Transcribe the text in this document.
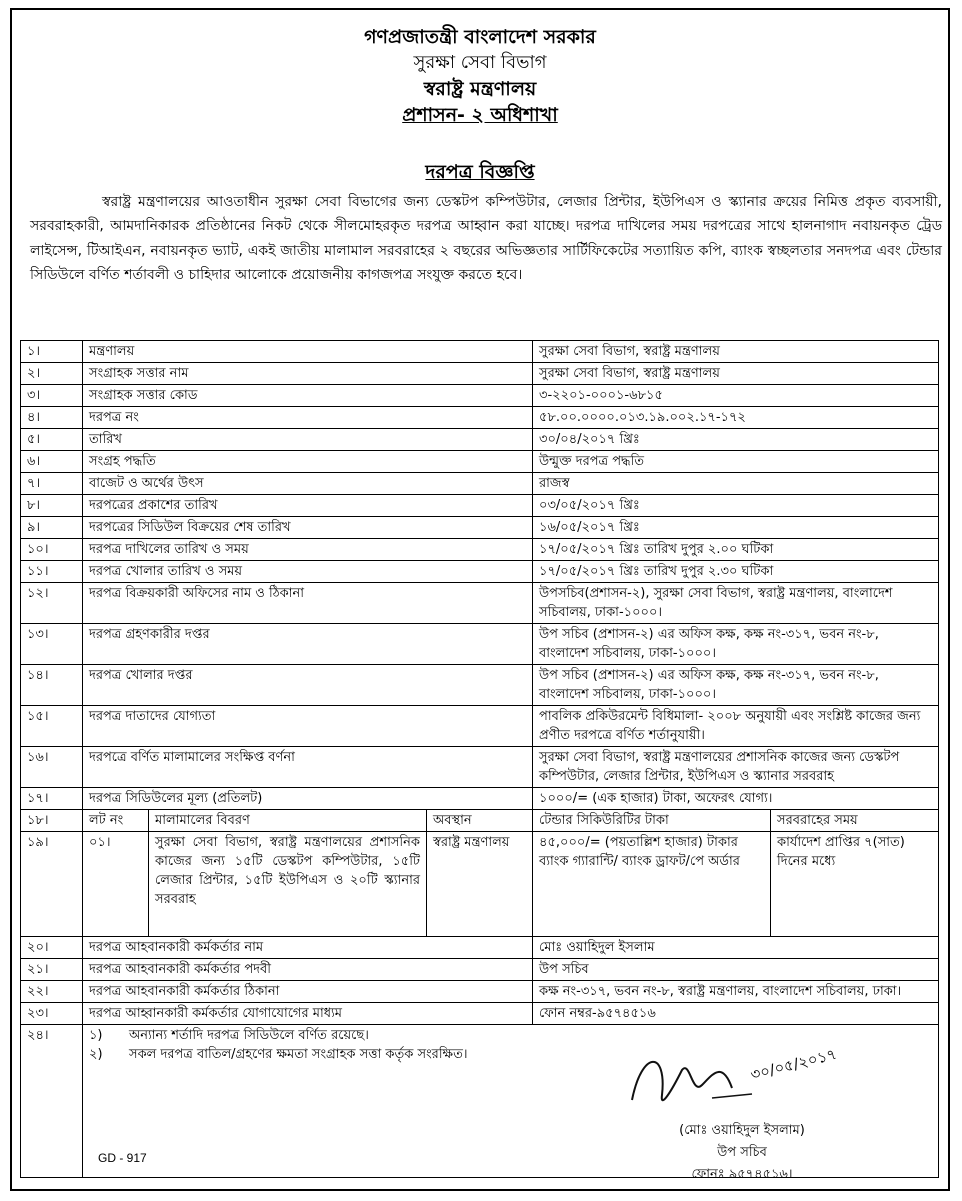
গণপ্রজাতন্ত্রী বাংলাদেশ সরকার
সুরক্ষা সেবা বিভাগ
স্বরাষ্ট্র মন্ত্রণালয়
প্রশাসন- ২ অধিশাখা
দরপত্র বিজ্ঞপ্তি
স্বরাষ্ট্র মন্ত্রণালয়ের আওতাধীন সুরক্ষা সেবা বিভাগের জন্য ডেস্কটপ কম্পিউটার, লেজার প্রিন্টার, ইউপিএস ও স্ক্যানার ক্রয়ের নিমিত্ত প্রকৃত ব্যবসায়ী, সরবরাহকারী, আমদানিকারক প্রতিষ্ঠানের নিকট থেকে সীলমোহরকৃত দরপত্র আহ্বান করা যাচ্ছে। দরপত্র দাখিলের সময় দরপত্রের সাথে হালনাগাদ নবায়নকৃত ট্রেড লাইসেন্স, টিআইএন, নবায়নকৃত ভ্যাট, একই জাতীয় মালামাল সরবরাহের ২ বছরের অভিজ্ঞতার সার্টিফিকেটের সত্যায়িত কপি, ব্যাংক স্বচ্ছলতার সনদপত্র এবং টেন্ডার সিডিউলে বর্ণিত শর্তাবলী ও চাহিদার আলোকে প্রয়োজনীয় কাগজপত্র সংযুক্ত করতে হবে।
১।	মন্ত্রণালয়			সুরক্ষা সেবা বিভাগ, স্বরাষ্ট্র মন্ত্রণালয়	
২।	সংগ্রাহক সত্তার নাম			সুরক্ষা সেবা বিভাগ, স্বরাষ্ট্র মন্ত্রণালয়	
৩।	সংগ্রাহক সত্তার কোড			৩-২২০১-০০০১-৬৮১৫	
৪।	দরপত্র নং			৫৮.০০.০০০০.০১৩.১৯.০০২.১৭-১৭২	
৫।	তারিখ			৩০/০৪/২০১৭ খ্রিঃ	
৬।	সংগ্রহ পদ্ধতি			উন্মুক্ত দরপত্র পদ্ধতি	
৭।	বাজেট ও অর্থের উৎস			রাজস্ব	
৮।	দরপত্রের প্রকাশের তারিখ			০৩/০৫/২০১৭ খ্রিঃ	
৯।	দরপত্রের সিডিউল বিক্রয়ের শেষ তারিখ			১৬/০৫/২০১৭ খ্রিঃ	
১০।	দরপত্র দাখিলের তারিখ ও সময়			১৭/০৫/২০১৭ খ্রিঃ তারিখ দুপুর ২.০০ ঘটিকা	
১১।	দরপত্র খোলার তারিখ ও সময়			১৭/০৫/২০১৭ খ্রিঃ তারিখ দুপুর ২.৩০ ঘটিকা	
১২।	দরপত্র বিক্রয়কারী অফিসের নাম ও ঠিকানা			উপসচিব(প্রশাসন-২), সুরক্ষা সেবা বিভাগ, স্বরাষ্ট্র মন্ত্রণালয়, বাংলাদেশ সচিবালয়, ঢাকা-১০০০।	
১৩।	দরপত্র গ্রহণকারীর দপ্তর			উপ সচিব (প্রশাসন-২) এর অফিস কক্ষ, কক্ষ নং-৩১৭, ভবন নং-৮, বাংলাদেশ সচিবালয়, ঢাকা-১০০০।	
১৪।	দরপত্র খোলার দপ্তর			উপ সচিব (প্রশাসন-২) এর অফিস কক্ষ, কক্ষ নং-৩১৭, ভবন নং-৮, বাংলাদেশ সচিবালয়, ঢাকা-১০০০।	
১৫।	দরপত্র দাতাদের যোগ্যতা			পাবলিক প্রকিউরমেন্ট বিধিমালা- ২০০৮ অনুযায়ী এবং সংশ্লিষ্ট কাজের জন্য প্রণীত দরপত্রে বর্ণিত শর্তানুযায়ী।	
১৬।	দরপত্রে বর্ণিত মালামালের সংক্ষিপ্ত বর্ণনা			সুরক্ষা সেবা বিভাগ, স্বরাষ্ট্র মন্ত্রণালয়ের প্রশাসনিক কাজের জন্য ডেস্কটপ কম্পিউটার, লেজার প্রিন্টার, ইউপিএস ও স্ক্যানার সরবরাহ	
১৭।	দরপত্র সিডিউলের মূল্য (প্রতিলট)			১০০০/= (এক হাজার) টাকা, অফেরৎ যোগ্য।	
১৮।	লট নং	মালামালের বিবরণ	অবস্থান	টেন্ডার সিকিউরিটির টাকা	সরবরাহের সময়
১৯।	০১।	সুরক্ষা সেবা বিভাগ, স্বরাষ্ট্র মন্ত্রণালয়ের প্রশাসনিক কাজের জন্য ১৫টি ডেস্কটপ কম্পিউটার, ১৫টি লেজার প্রিন্টার, ১৫টি ইউপিএস ও ২০টি স্ক্যানার সরবরাহ	স্বরাষ্ট্র মন্ত্রণালয়	৪৫,০০০/= (পয়তাল্লিশ হাজার) টাকার ব্যাংক গ্যারান্টি/ ব্যাংক ড্রাফট/পে অর্ডার	কার্যাদেশ প্রাপ্তির ৭(সাত) দিনের মধ্যে
২০।	দরপত্র আহবানকারী কর্মকর্তার নাম			মোঃ ওয়াহিদুল ইসলাম	
২১।	দরপত্র আহবানকারী কর্মকর্তার পদবী			উপ সচিব	
২২।	দরপত্র আহবানকারী কর্মকর্তার ঠিকানা			কক্ষ নং-৩১৭, ভবন নং-৮, স্বরাষ্ট্র মন্ত্রণালয়, বাংলাদেশ সচিবালয়, ঢাকা।	
২৩।	দরপত্র আহ্বানকারী কর্মকর্তার যোগাযোগের মাধ্যম			ফোন নম্বর-৯৫৭৪৫১৬	
২৪।	১) অন্যান্য শর্তাদি দরপত্র সিডিউলে বর্ণিত রয়েছে।
২) সকল দরপত্র বাতিল/গ্রহণের ক্ষমতা সংগ্রাহক সত্তা কর্তৃক সংরক্ষিত।					৩০/০৫/২০১৭
(মোঃ ওয়াহিদুল ইসলাম)
উপ সচিব
ফোনঃ ৯৫৭৪৫১৬।
GD - 917
